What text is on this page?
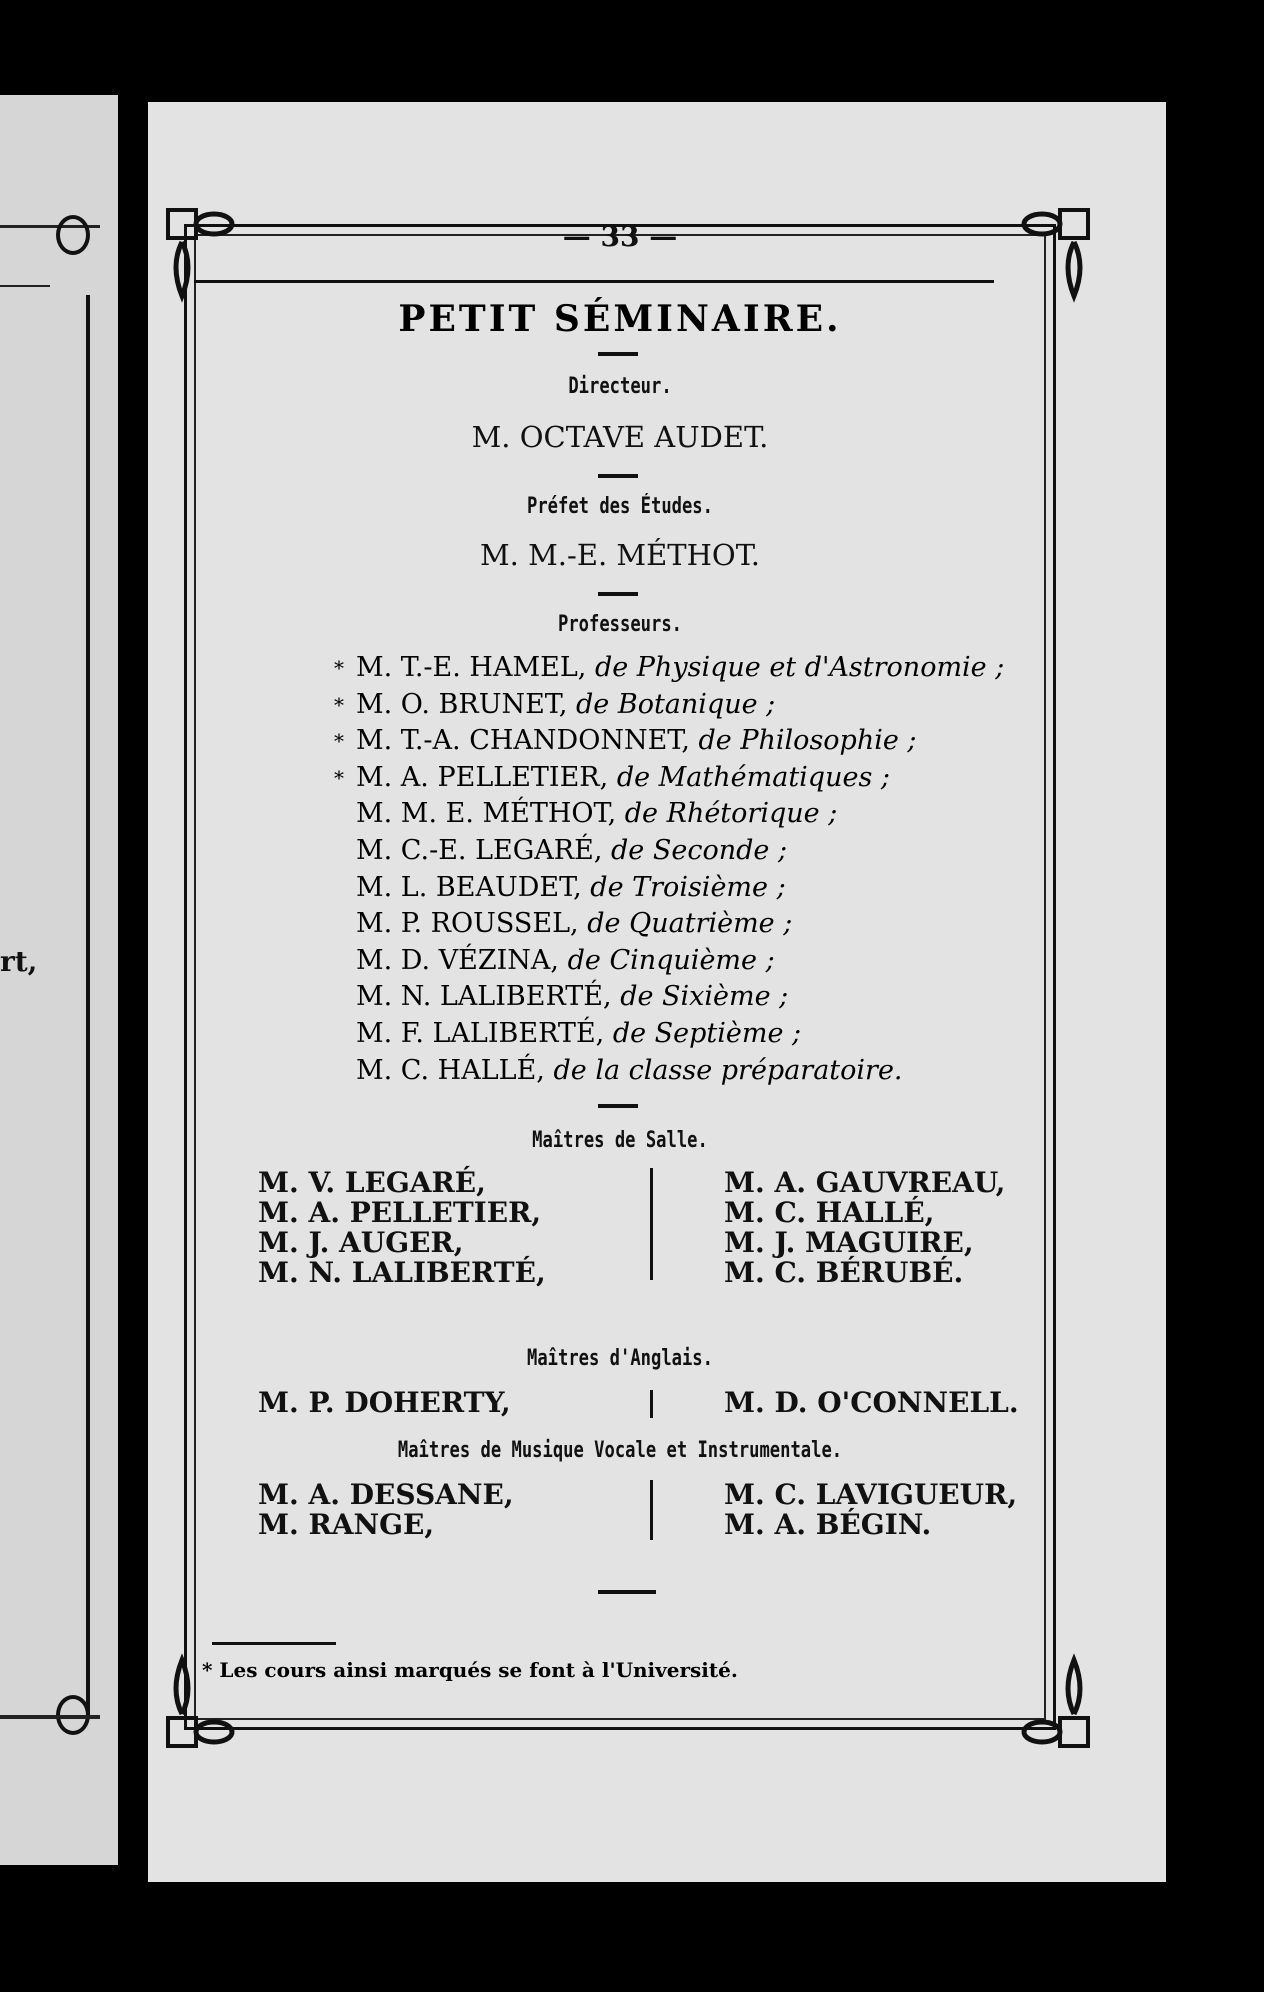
rt,
— 33 —
PETIT SÉMINAIRE.
Directeur.
M. OCTAVE AUDET.
Préfet des Études.
M. M.-E. MÉTHOT.
Professeurs.
* M. T.-E. HAMEL, de Physique et d'Astronomie ;
* M. O. BRUNET, de Botanique ;
* M. T.-A. CHANDONNET, de Philosophie ;
* M. A. PELLETIER, de Mathématiques ;
M. M. E. MÉTHOT, de Rhétorique ;
M. C.-E. LEGARÉ, de Seconde ;
M. L. BEAUDET, de Troisième ;
M. P. ROUSSEL, de Quatrième ;
M. D. VÉZINA, de Cinquième ;
M. N. LALIBERTÉ, de Sixième ;
M. F. LALIBERTÉ, de Septième ;
M. C. HALLÉ, de la classe préparatoire.
Maîtres de Salle.
M. V. LEGARÉ,
M. A. PELLETIER,
M. J. AUGER,
M. N. LALIBERTÉ,
M. A. GAUVREAU,
M. C. HALLÉ,
M. J. MAGUIRE,
M. C. BÉRUBÉ.
Maîtres d'Anglais.
M. P. DOHERTY,	M. D. O'CONNELL.
Maîtres de Musique Vocale et Instrumentale.
M. A. DESSANE,
M. RANGE,
M. C. LAVIGUEUR,
M. A. BÉGIN.
* Les cours ainsi marqués se font à l'Université.
